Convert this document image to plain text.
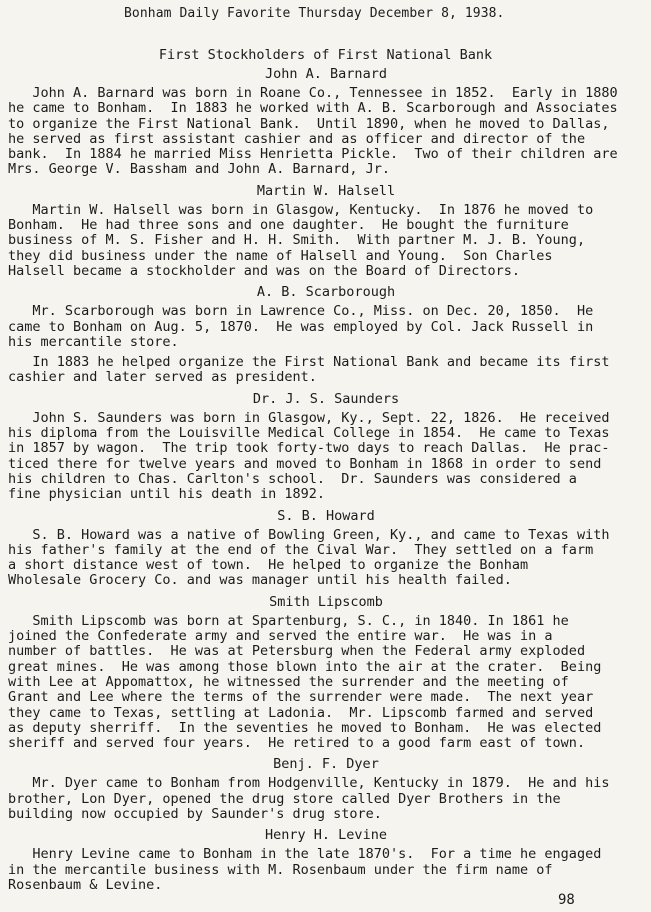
Bonham Daily Favorite Thursday December 8, 1938.
First Stockholders of First National Bank
John A. Barnard
John A. Barnard was born in Roane Co., Tennessee in 1852.  Early in 1880
he came to Bonham.  In 1883 he worked with A. B. Scarborough and Associates
to organize the First National Bank.  Until 1890, when he moved to Dallas,
he served as first assistant cashier and as officer and director of the
bank.  In 1884 he married Miss Henrietta Pickle.  Two of their children are
Mrs. George V. Bassham and John A. Barnard, Jr.
Martin W. Halsell
Martin W. Halsell was born in Glasgow, Kentucky.  In 1876 he moved to
Bonham.  He had three sons and one daughter.  He bought the furniture
business of M. S. Fisher and H. H. Smith.  With partner M. J. B. Young,
they did business under the name of Halsell and Young.  Son Charles
Halsell became a stockholder and was on the Board of Directors.
A. B. Scarborough
Mr. Scarborough was born in Lawrence Co., Miss. on Dec. 20, 1850.  He
came to Bonham on Aug. 5, 1870.  He was employed by Col. Jack Russell in
his mercantile store.
In 1883 he helped organize the First National Bank and became its first
cashier and later served as president.
Dr. J. S. Saunders
John S. Saunders was born in Glasgow, Ky., Sept. 22, 1826.  He received
his diploma from the Louisville Medical College in 1854.  He came to Texas
in 1857 by wagon.  The trip took forty-two days to reach Dallas.  He prac-
ticed there for twelve years and moved to Bonham in 1868 in order to send
his children to Chas. Carlton's school.  Dr. Saunders was considered a
fine physician until his death in 1892.
S. B. Howard
S. B. Howard was a native of Bowling Green, Ky., and came to Texas with
his father's family at the end of the Cival War.  They settled on a farm
a short distance west of town.  He helped to organize the Bonham
Wholesale Grocery Co. and was manager until his health failed.
Smith Lipscomb
Smith Lipscomb was born at Spartenburg, S. C., in 1840. In 1861 he
joined the Confederate army and served the entire war.  He was in a
number of battles.  He was at Petersburg when the Federal army exploded
great mines.  He was among those blown into the air at the crater.  Being
with Lee at Appomattox, he witnessed the surrender and the meeting of
Grant and Lee where the terms of the surrender were made.  The next year
they came to Texas, settling at Ladonia.  Mr. Lipscomb farmed and served
as deputy sherriff.  In the seventies he moved to Bonham.  He was elected
sheriff and served four years.  He retired to a good farm east of town.
Benj. F. Dyer
Mr. Dyer came to Bonham from Hodgenville, Kentucky in 1879.  He and his
brother, Lon Dyer, opened the drug store called Dyer Brothers in the
building now occupied by Saunder's drug store.
Henry H. Levine
Henry Levine came to Bonham in the late 1870's.  For a time he engaged
in the mercantile business with M. Rosenbaum under the firm name of
Rosenbaum & Levine.
98
